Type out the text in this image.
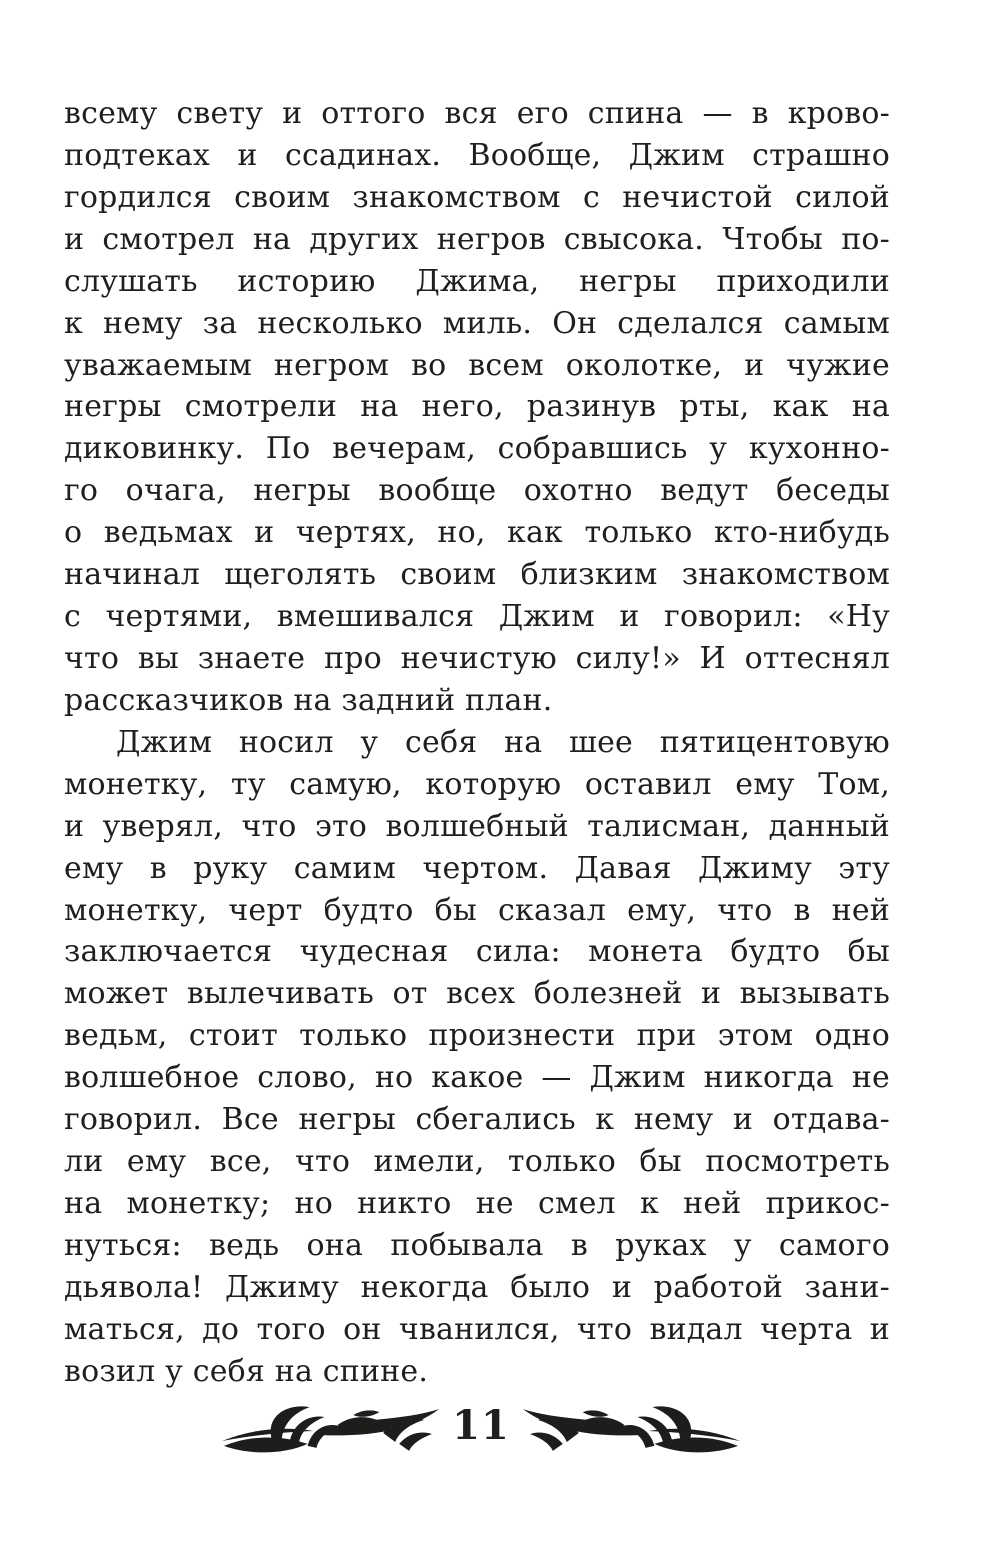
всему свету и оттого вся его спина — в крово-
подтеках и ссадинах. Вообще, Джим страшно
гордился своим знакомством с нечистой силой
и смотрел на других негров свысока. Чтобы по-
слушать историю Джима, негры приходили
к нему за несколько миль. Он сделался самым
уважаемым негром во всем околотке, и чужие
негры смотрели на него, разинув рты, как на
диковинку. По вечерам, собравшись у кухонно-
го очага, негры вообще охотно ведут беседы
о ведьмах и чертях, но, как только кто-нибудь
начинал щеголять своим близким знакомством
с чертями, вмешивался Джим и говорил: «Ну
что вы знаете про нечистую силу!» И оттеснял
рассказчиков на задний план.
Джим носил у себя на шее пятицентовую
монетку, ту самую, которую оставил ему Том,
и уверял, что это волшебный талисман, данный
ему в руку самим чертом. Давая Джиму эту
монетку, черт будто бы сказал ему, что в ней
заключается чудесная сила: монета будто бы
может вылечивать от всех болезней и вызывать
ведьм, стоит только произнести при этом одно
волшебное слово, но какое — Джим никогда не
говорил. Все негры сбегались к нему и отдава-
ли ему все, что имели, только бы посмотреть
на монетку; но никто не смел к ней прикос-
нуться: ведь она побывала в руках у самого
дьявола! Джиму некогда было и работой зани-
маться, до того он чванился, что видал черта и
возил у себя на спине.
11
